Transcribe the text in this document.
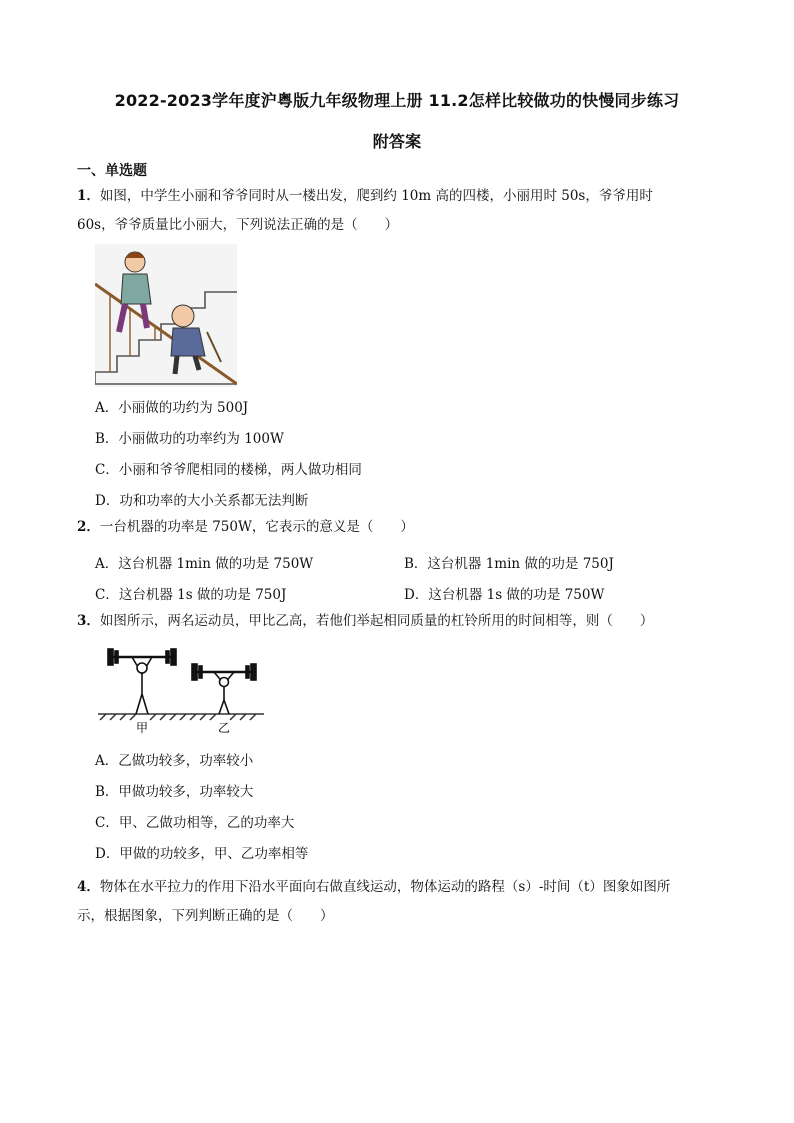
2022-2023学年度沪粤版九年级物理上册 11.2怎样比较做功的快慢同步练习
附答案
一、单选题
1．如图，中学生小丽和爷爷同时从一楼出发，爬到约 10m 高的四楼，小丽用时 50s，爷爷用时
60s，爷爷质量比小丽大，下列说法正确的是（　　）
A．小丽做的功约为 500J
B．小丽做功的功率约为 100W
C．小丽和爷爷爬相同的楼梯，两人做功相同
D．功和功率的大小关系都无法判断
2．一台机器的功率是 750W，它表示的意义是（　　）
A．这台机器 1min 做的功是 750W	B．这台机器 1min 做的功是 750J
C．这台机器 1s 做的功是 750J	D．这台机器 1s 做的功是 750W
3．如图所示，两名运动员，甲比乙高，若他们举起相同质量的杠铃所用的时间相等，则（　　）
甲	乙
A．乙做功较多，功率较小
B．甲做功较多，功率较大
C．甲、乙做功相等，乙的功率大
D．甲做的功较多，甲、乙功率相等
4．物体在水平拉力的作用下沿水平面向右做直线运动，物体运动的路程（s）-时间（t）图象如图所
示，根据图象，下列判断正确的是（　　）
